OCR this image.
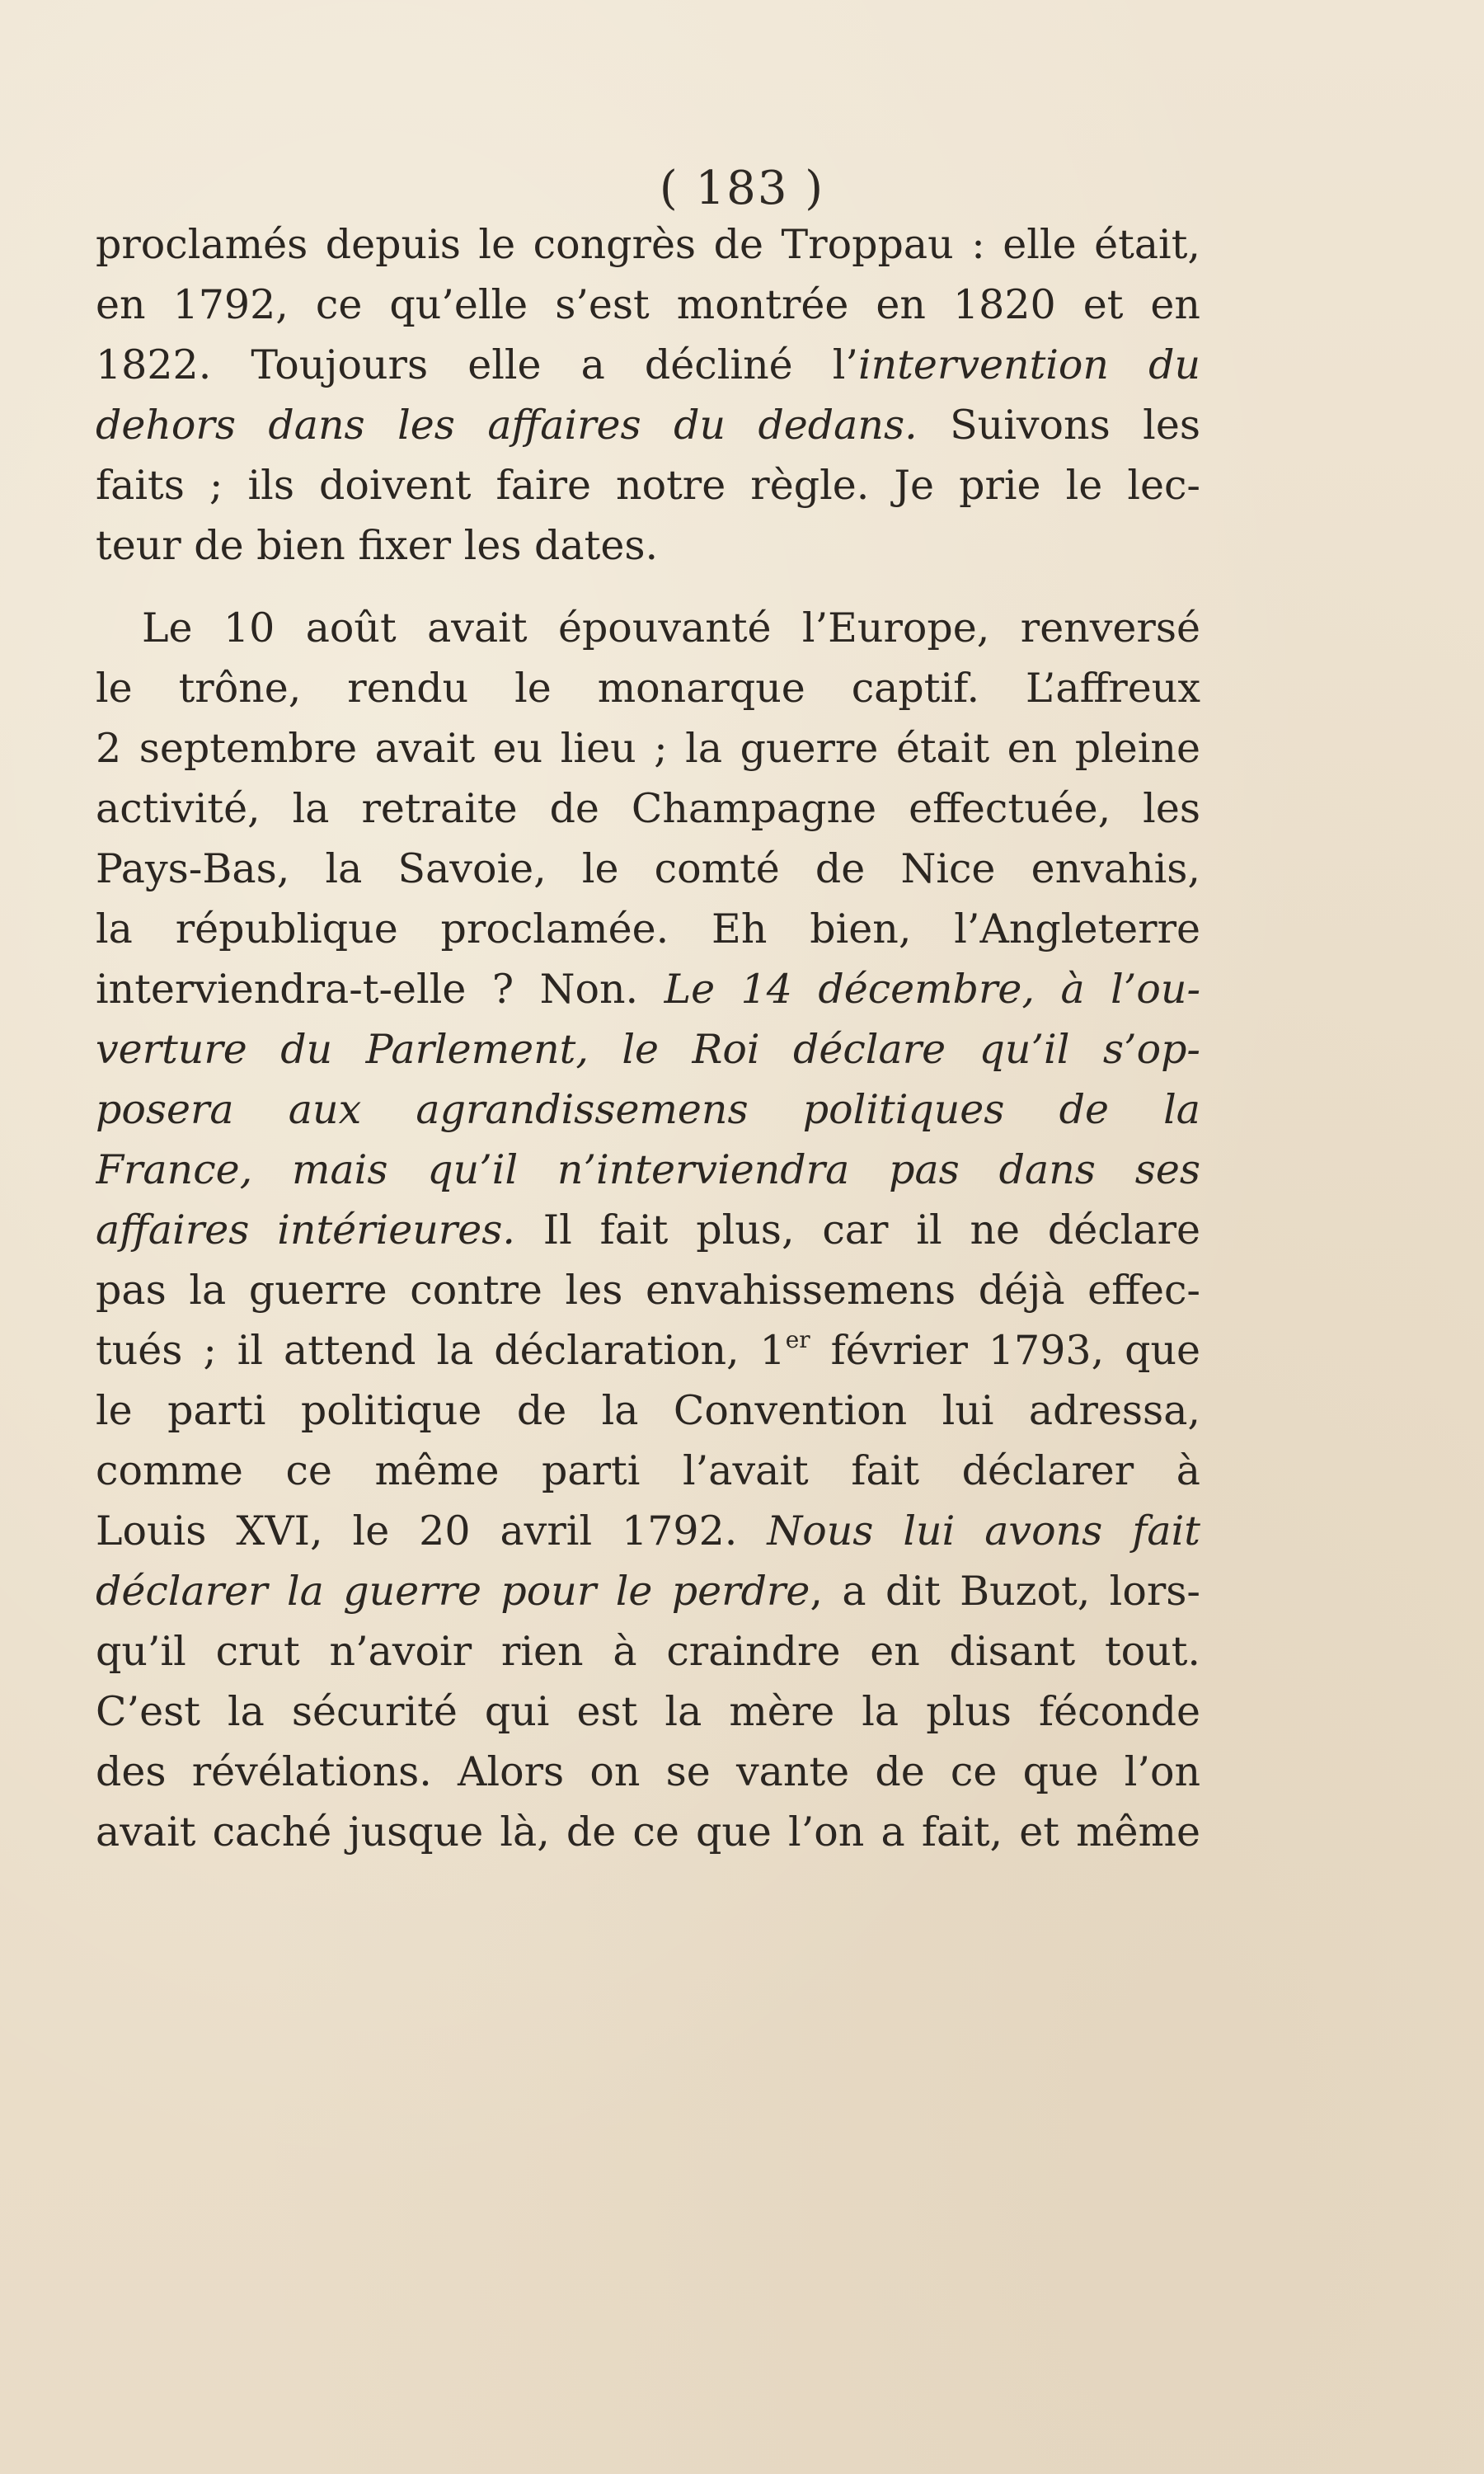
( 183 )
proclamés depuis le congrès de Troppau : elle était,
en 1792, ce qu’elle s’est montrée en 1820 et en
1822. Toujours elle a décliné l’intervention du
dehors dans les affaires du dedans. Suivons les
faits ; ils doivent faire notre règle. Je prie le lec-
teur de bien fixer les dates.
Le 10 août avait épouvanté l’Europe, renversé
le trône, rendu le monarque captif. L’affreux
2 septembre avait eu lieu ; la guerre était en pleine
activité, la retraite de Champagne effectuée, les
Pays-Bas, la Savoie, le comté de Nice envahis,
la république proclamée. Eh bien, l’Angleterre
interviendra-t-elle ? Non. Le 14 décembre, à l’ou-
verture du Parlement, le Roi déclare qu’il s’op-
posera aux agrandissemens politiques de la
France, mais qu’il n’interviendra pas dans ses
affaires intérieures. Il fait plus, car il ne déclare
pas la guerre contre les envahissemens déjà effec-
tués ; il attend la déclaration, 1er février 1793, que
le parti politique de la Convention lui adressa,
comme ce même parti l’avait fait déclarer à
Louis XVI, le 20 avril 1792. Nous lui avons fait
déclarer la guerre pour le perdre, a dit Buzot, lors-
qu’il crut n’avoir rien à craindre en disant tout.
C’est la sécurité qui est la mère la plus féconde
des révélations. Alors on se vante de ce que l’on
avait caché jusque là, de ce que l’on a fait, et même
